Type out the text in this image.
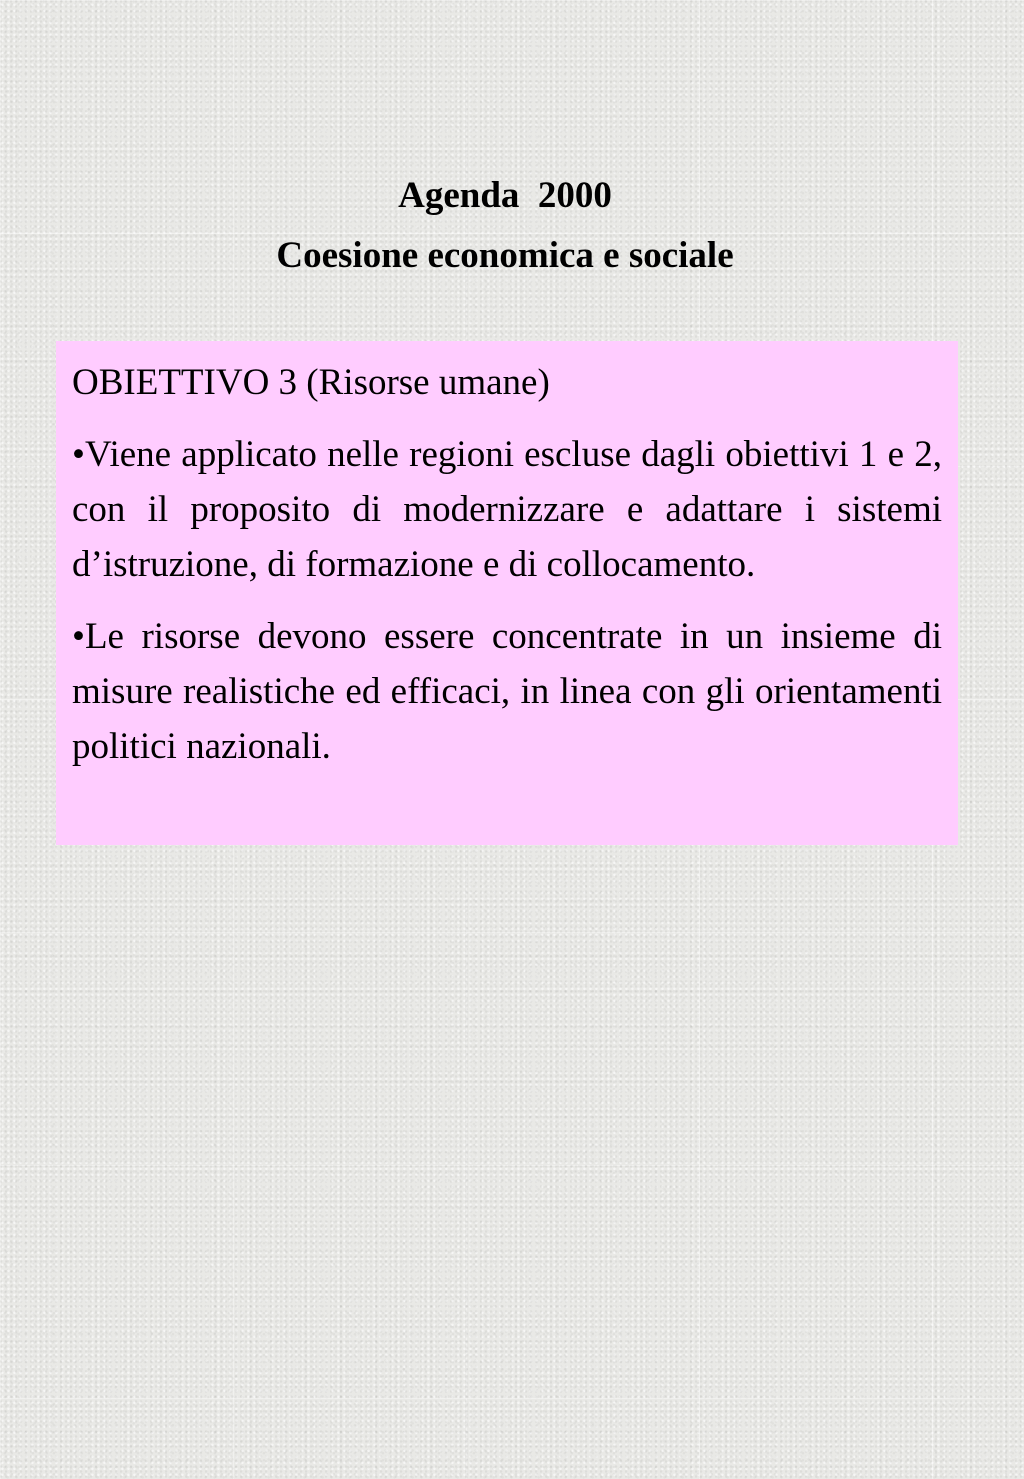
Agenda  2000
Coesione economica e sociale
OBIETTIVO 3 (Risorse umane)
•Viene applicato nelle regioni escluse dagli obiettivi 1 e 2, con il proposito di modernizzare e adattare i sistemi d’istruzione, di formazione e di collocamento.
•Le risorse devono essere concentrate in un insieme di misure realistiche ed efficaci, in linea con gli orientamenti politici nazionali.
